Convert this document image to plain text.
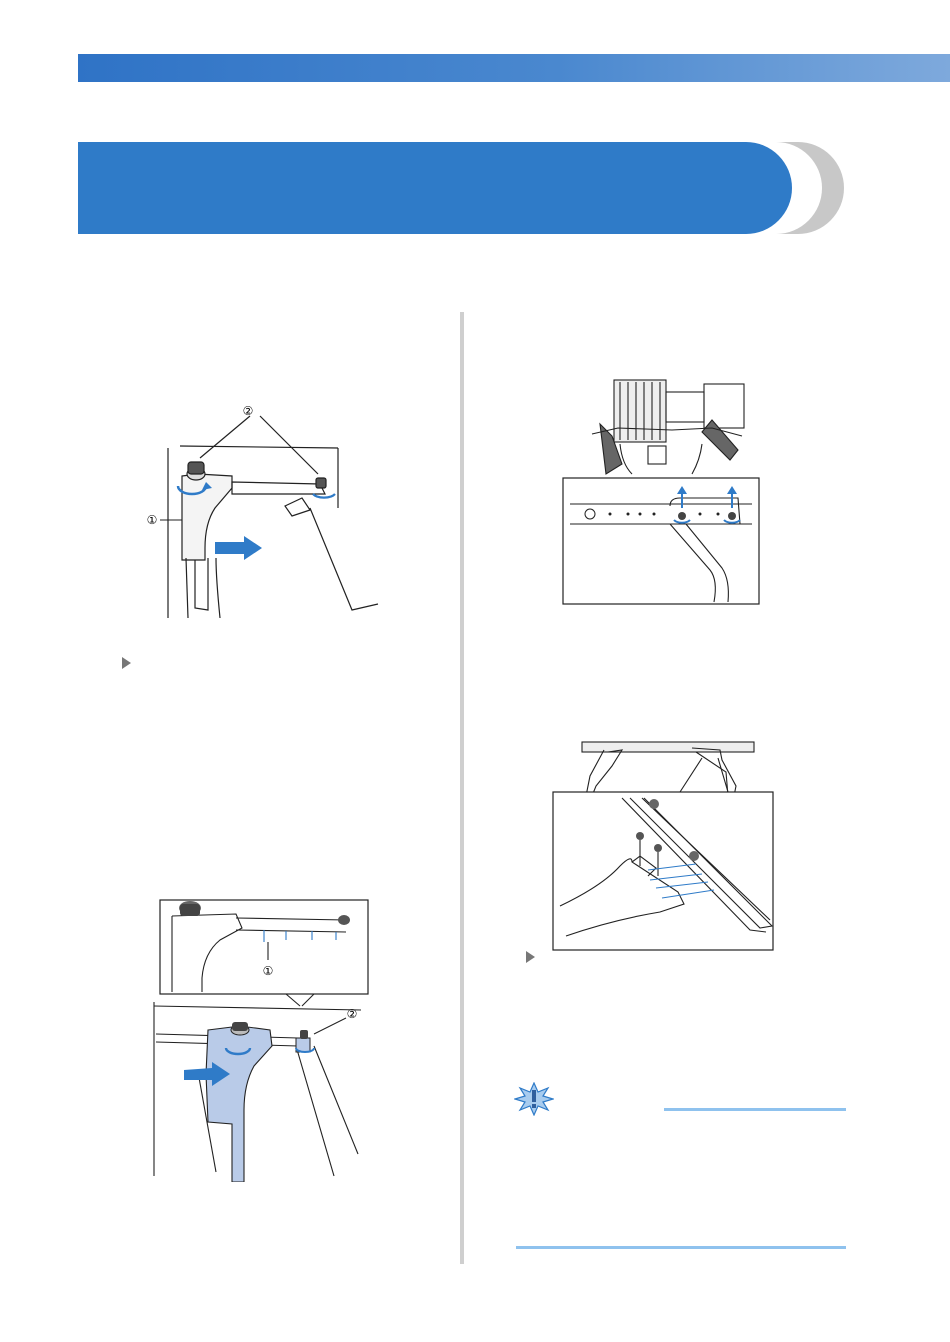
②
①
①
②
